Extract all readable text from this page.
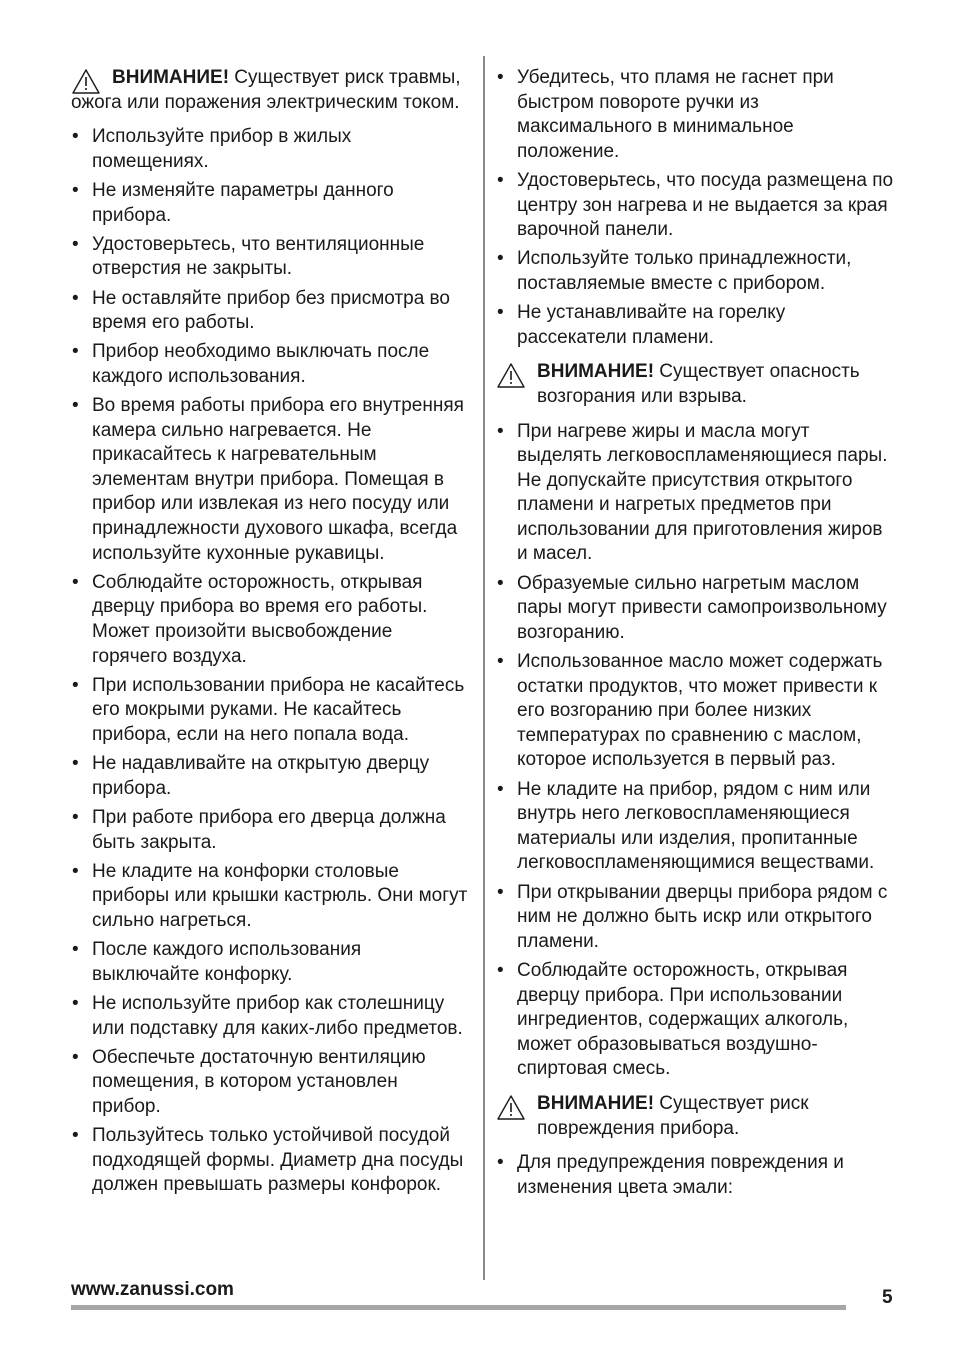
ВНИМАНИЕ! Существует риск травмы, ожога или поражения электрическим током.
• Используйте прибор в жилых помещениях.
• Не изменяйте параметры данного прибора.
• Удостоверьтесь, что вентиляционные отверстия не закрыты.
• Не оставляйте прибор без присмотра во время его работы.
• Прибор необходимо выключать после каждого использования.
• Во время работы прибора его внутренняя камера сильно нагревается. Не прикасайтесь к нагревательным элементам внутри прибора. Помещая в прибор или извлекая из него посуду или принадлежности духового шкафа, всегда используйте кухонные рукавицы.
• Соблюдайте осторожность, открывая дверцу прибора во время его работы. Может произойти высвобождение горячего воздуха.
• При использовании прибора не касайтесь его мокрыми руками. Не касайтесь прибора, если на него попала вода.
• Не надавливайте на открытую дверцу прибора.
• При работе прибора его дверца должна быть закрыта.
• Не кладите на конфорки столовые приборы или крышки кастрюль. Они могут сильно нагреться.
• После каждого использования выключайте конфорку.
• Не используйте прибор как столешницу или подставку для каких-либо предметов.
• Обеспечьте достаточную вентиляцию помещения, в котором установлен прибор.
• Пользуйтесь только устойчивой посудой подходящей формы. Диаметр дна посуды должен превышать размеры конфорок.
• Убедитесь, что пламя не гаснет при быстром повороте ручки из максимального в минимальное положение.
• Удостоверьтесь, что посуда размещена по центру зон нагрева и не выдается за края варочной панели.
• Используйте только принадлежности, поставляемые вместе с прибором.
• Не устанавливайте на горелку рассекатели пламени.
ВНИМАНИЕ! Существует опасность возгорания или взрыва.
• При нагреве жиры и масла могут выделять легковоспламеняющиеся пары. Не допускайте присутствия открытого пламени и нагретых предметов при использовании для приготовления жиров и масел.
• Образуемые сильно нагретым маслом пары могут привести самопроизвольному возгоранию.
• Использованное масло может содержать остатки продуктов, что может привести к его возгоранию при более низких температурах по сравнению с маслом, которое используется в первый раз.
• Не кладите на прибор, рядом с ним или внутрь него легковоспламеняющиеся материалы или изделия, пропитанные легковоспламеняющимися веществами.
• При открывании дверцы прибора рядом с ним не должно быть искр или открытого пламени.
• Соблюдайте осторожность, открывая дверцу прибора. При использовании ингредиентов, содержащих алкоголь, может образовываться воздушно-спиртовая смесь.
ВНИМАНИЕ! Существует риск повреждения прибора.
• Для предупреждения повреждения и изменения цвета эмали:
www.zanussi.com	5
